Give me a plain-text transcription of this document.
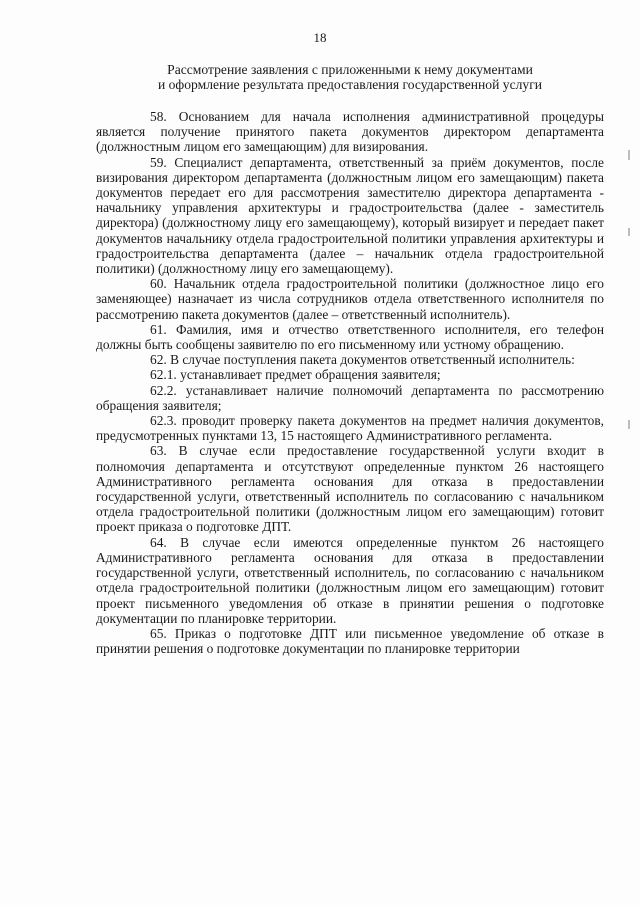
18
Рассмотрение заявления с приложенными к нему документами
и оформление результата предоставления государственной услуги

58. Основанием для начала исполнения административной процедуры является получение принятого пакета документов директором департамента (должностным лицом его замещающим) для визирования.

59. Специалист департамента, ответственный за приём документов, после визирования директором департамента (должностным лицом его замещающим) пакета документов передает его для рассмотрения заместителю директора департамента - начальнику управления архитектуры и градостроительства (далее - заместитель директора) (должностному лицу его замещающему), который визирует и передает пакет документов начальнику отдела градостроительной политики управления архитектуры и градостроительства департамента (далее – начальник отдела градостроительной политики) (должностному лицу его замещающему).

60. Начальник отдела градостроительной политики (должностное лицо его заменяющее) назначает из числа сотрудников отдела ответственного исполнителя по рассмотрению пакета документов (далее – ответственный исполнитель).

61. Фамилия, имя и отчество ответственного исполнителя, его телефон должны быть сообщены заявителю по его письменному или устному обращению.

62. В случае поступления пакета документов ответственный исполнитель:

62.1. устанавливает предмет обращения заявителя;

62.2. устанавливает наличие полномочий департамента по рассмотрению обращения заявителя;

62.3. проводит проверку пакета документов на предмет наличия документов, предусмотренных пунктами 13, 15 настоящего Административного регламента.

63. В случае если предоставление государственной услуги входит в полномочия департамента и отсутствуют определенные пунктом 26 настоящего Административного регламента основания для отказа в предоставлении государственной услуги, ответственный исполнитель по согласованию с начальником отдела градостроительной политики (должностным лицом его замещающим) готовит проект приказа о подготовке ДПТ.

64. В случае если имеются определенные пунктом 26 настоящего Административного регламента основания для отказа в предоставлении государственной услуги, ответственный исполнитель, по согласованию с начальником отдела градостроительной политики (должностным лицом его замещающим) готовит проект письменного уведомления об отказе в принятии решения о подготовке документации по планировке территории.

65. Приказ о подготовке ДПТ или письменное уведомление об отказе в принятии решения о подготовке документации по планировке территории
